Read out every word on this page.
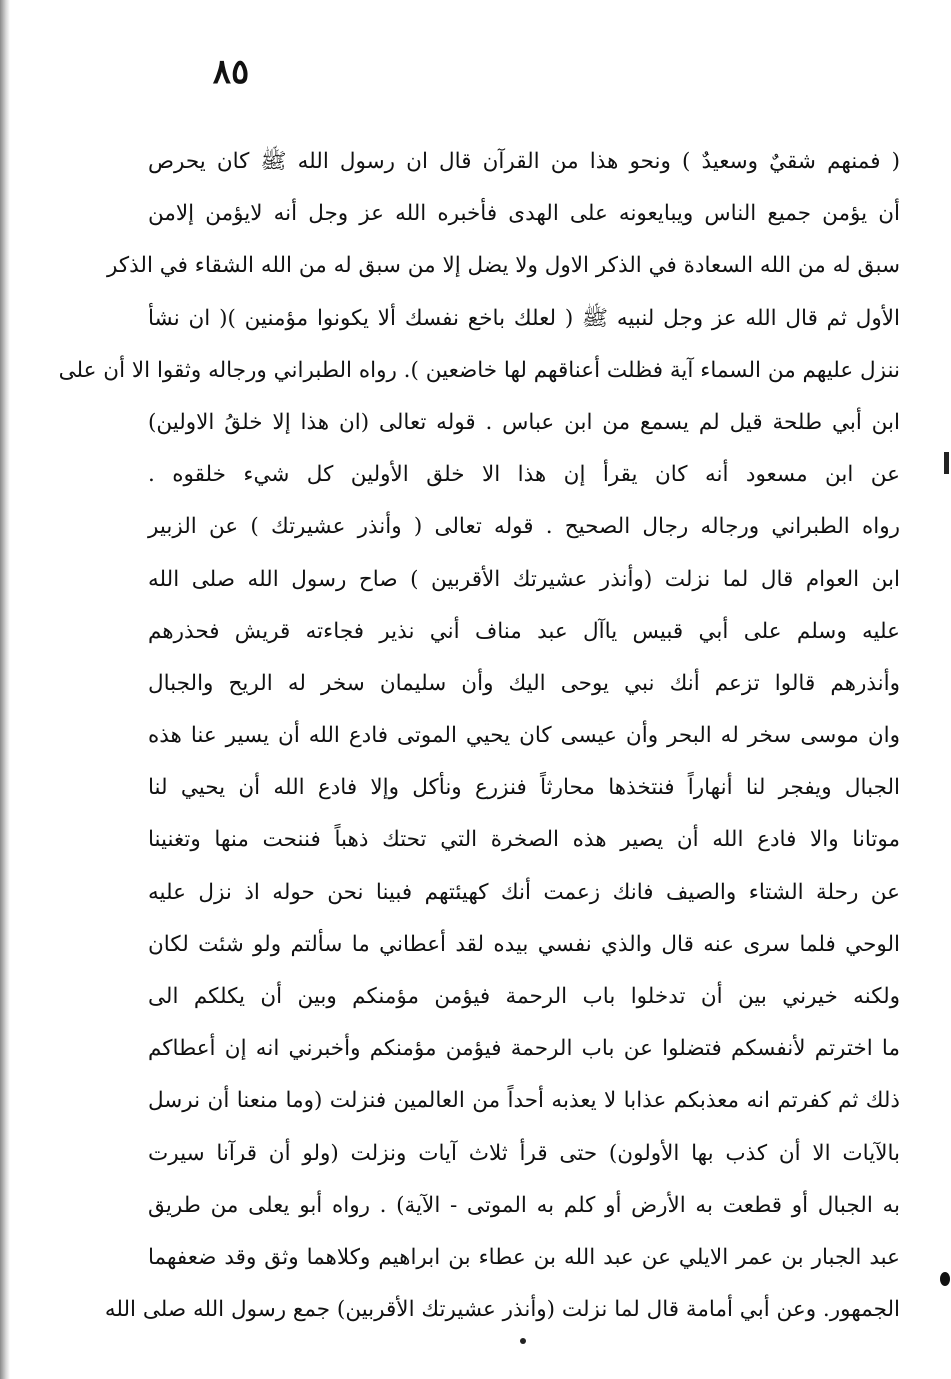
٨٥
( فمنهم شقيٌ وسعيدٌ ) ونحو هذا من القرآن قال ان رسول الله ﷺ كان يحرص
أن يؤمن جميع الناس ويبايعونه على الهدى فأخبره الله عز وجل أنه لايؤمن إلامن
سبق له من الله السعادة في الذكر الاول ولا يضل إلا من سبق له من الله الشقاء في الذكر
الأول ثم قال الله عز وجل لنبيه ﷺ ( لعلك باخع نفسك ألا يكونوا مؤمنين )( ان نشأ
ننزل عليهم من السماء آية فظلت أعناقهم لها خاضعين ). رواه الطبراني ورجاله وثقوا الا أن على
ابن أبي طلحة قيل لم يسمع من ابن عباس . قوله تعالى (ان هذا إلا خلقُ الاولين)
عن ابن مسعود أنه كان يقرأ إن هذا الا خلق الأولين كل شيء خلقوه .
رواه الطبراني ورجاله رجال الصحيح . قوله تعالى ( وأنذر عشيرتك ) عن الزبير
ابن العوام قال لما نزلت (وأنذر عشيرتك الأقربين ) صاح رسول الله صلى الله
عليه وسلم على أبي قبيس ياآل عبد مناف أني نذير فجاءته قريش فحذرهم
وأنذرهم قالوا تزعم أنك نبي يوحى اليك وأن سليمان سخر له الريح والجبال
وان موسى سخر له البحر وأن عيسى كان يحيي الموتى فادع الله أن يسير عنا هذه
الجبال ويفجر لنا أنهاراً فنتخذها محارثاً فنزرع ونأكل وإلا فادع الله أن يحيي لنا
موتانا والا فادع الله أن يصير هذه الصخرة التي تحتك ذهباً فننحت منها وتغنينا
عن رحلة الشتاء والصيف فانك زعمت أنك كهيئتهم فبينا نحن حوله اذ نزل عليه
الوحي فلما سرى عنه قال والذي نفسي بيده لقد أعطاني ما سألتم ولو شئت لكان
ولكنه خيرني بين أن تدخلوا باب الرحمة فيؤمن مؤمنكم وبين أن يكلكم الى
ما اخترتم لأنفسكم فتضلوا عن باب الرحمة فيؤمن مؤمنكم وأخبرني انه إن أعطاكم
ذلك ثم كفرتم انه معذبكم عذابا لا يعذبه أحداً من العالمين فنزلت (وما منعنا أن نرسل
بالآيات الا أن كذب بها الأولون) حتى قرأ ثلاث آيات ونزلت (ولو أن قرآنا سيرت
به الجبال أو قطعت به الأرض أو كلم به الموتى - الآية) . رواه أبو يعلى من طريق
عبد الجبار بن عمر الايلي عن عبد الله بن عطاء بن ابراهيم وكلاهما وثق وقد ضعفهما
الجمهور. وعن أبي أمامة قال لما نزلت (وأنذر عشيرتك الأقربين) جمع رسول الله صلى الله
